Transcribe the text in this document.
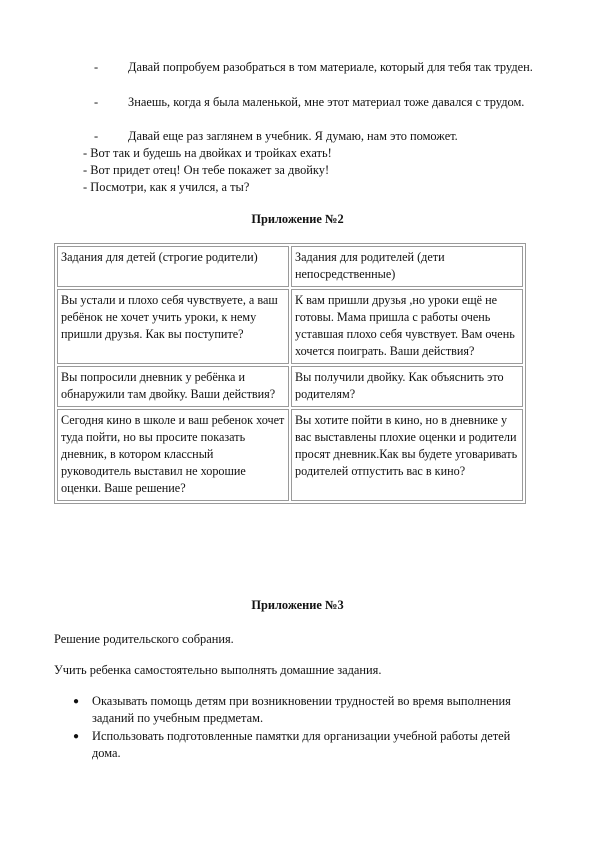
- Давай попробуем разобраться в том материале, который для тебя так труден.
- Знаешь, когда я была маленькой, мне этот материал тоже давался с трудом.
- Давай еще раз заглянем в учебник. Я думаю, нам это поможет.
- Вот так и будешь на двойках и тройках ехать!
- Вот придет отец! Он тебе покажет за двойку!
- Посмотри, как я учился, а ты?
Приложение №2
Задания для детей (строгие родители)	Задания для родителей (дети непосредственные)
Вы устали и плохо себя чувствуете, а ваш ребёнок не хочет учить уроки, к нему пришли друзья. Как вы поступите?	К вам пришли друзья ,но уроки ещё не готовы. Мама пришла с работы очень уставшая плохо себя чувствует. Вам очень хочется поиграть. Ваши действия?
Вы попросили дневник у ребёнка и обнаружили там двойку. Ваши действия?	Вы получили двойку. Как объяснить это родителям?
Сегодня кино в школе и ваш ребенок хочет туда пойти, но вы просите показать дневник, в котором классный руководитель выставил не хорошие оценки. Ваше решение?	Вы хотите пойти в кино, но в дневнике у вас выставлены плохие оценки и родители просят дневник.Как вы будете уговаривать родителей отпустить вас в кино?
Приложение №3
Решение родительского собрания.
Учить ребенка самостоятельно выполнять домашние задания.
● Оказывать помощь детям при возникновении трудностей во время выполнения заданий по учебным предметам.
● Использовать подготовленные памятки для организации учебной работы детей дома.
